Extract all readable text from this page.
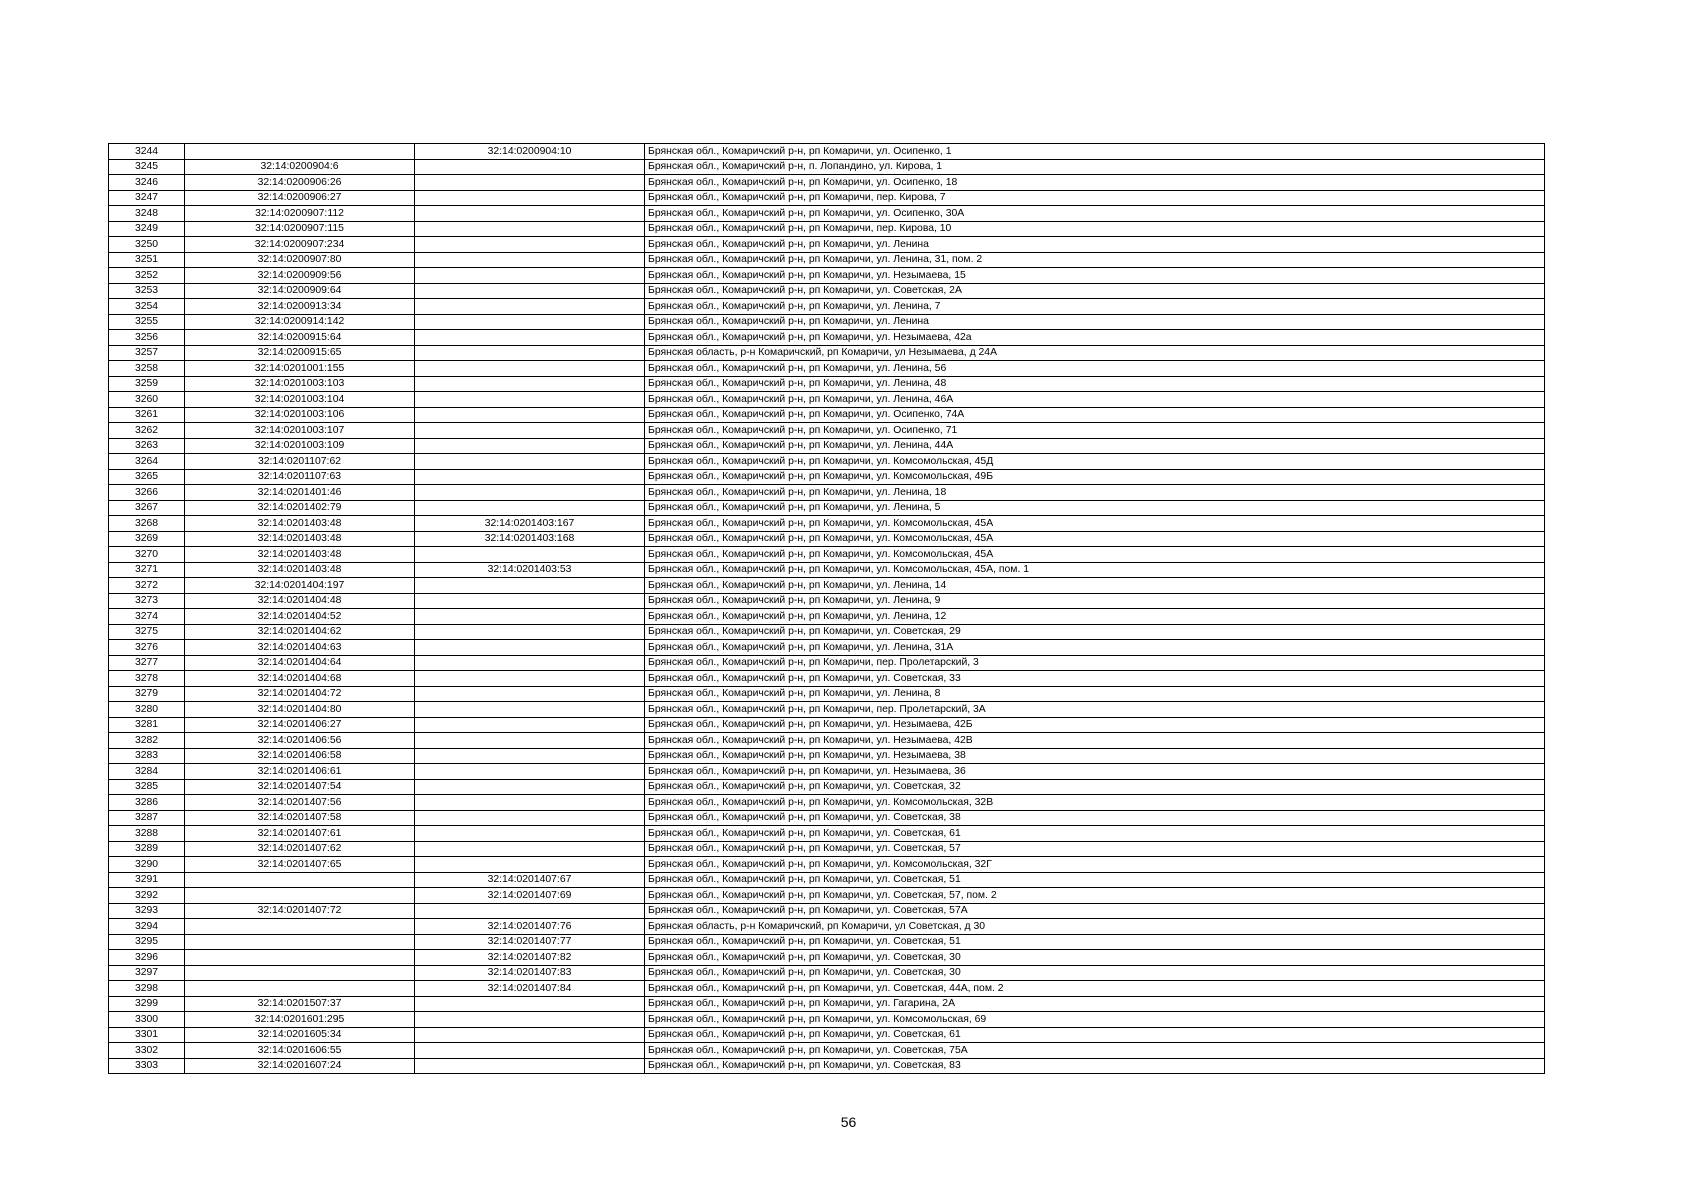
3244		32:14:0200904:10	Брянская обл., Комаричский р-н, рп Комаричи, ул. Осипенко, 1
3245	32:14:0200904:6		Брянская обл., Комаричский р-н, п. Лопандино, ул. Кирова, 1
3246	32:14:0200906:26		Брянская обл., Комаричский р-н, рп Комаричи, ул. Осипенко, 18
3247	32:14:0200906:27		Брянская обл., Комаричский р-н, рп Комаричи, пер. Кирова, 7
3248	32:14:0200907:112		Брянская обл., Комаричский р-н, рп Комаричи, ул. Осипенко, 30А
3249	32:14:0200907:115		Брянская обл., Комаричский р-н, рп Комаричи, пер. Кирова, 10
3250	32:14:0200907:234		Брянская обл., Комаричский р-н, рп Комаричи, ул. Ленина
3251	32:14:0200907:80		Брянская обл., Комаричский р-н, рп Комаричи, ул. Ленина, 31, пом. 2
3252	32:14:0200909:56		Брянская обл., Комаричский р-н, рп Комаричи, ул. Незымаева, 15
3253	32:14:0200909:64		Брянская обл., Комаричский р-н, рп Комаричи, ул. Советская, 2А
3254	32:14:0200913:34		Брянская обл., Комаричский р-н, рп Комаричи, ул. Ленина, 7
3255	32:14:0200914:142		Брянская обл., Комаричский р-н, рп Комаричи, ул. Ленина
3256	32:14:0200915:64		Брянская обл., Комаричский р-н, рп Комаричи, ул. Незымаева, 42а
3257	32:14:0200915:65		Брянская область, р-н Комаричский, рп Комаричи, ул Незымаева, д 24А
3258	32:14:0201001:155		Брянская обл., Комаричский р-н, рп Комаричи, ул. Ленина, 56
3259	32:14:0201003:103		Брянская обл., Комаричский р-н, рп Комаричи, ул. Ленина, 48
3260	32:14:0201003:104		Брянская обл., Комаричский р-н, рп Комаричи, ул. Ленина, 46А
3261	32:14:0201003:106		Брянская обл., Комаричский р-н, рп Комаричи, ул. Осипенко, 74А
3262	32:14:0201003:107		Брянская обл., Комаричский р-н, рп Комаричи, ул. Осипенко, 71
3263	32:14:0201003:109		Брянская обл., Комаричский р-н, рп Комаричи, ул. Ленина, 44А
3264	32:14:0201107:62		Брянская обл., Комаричский р-н, рп Комаричи, ул. Комсомольская, 45Д
3265	32:14:0201107:63		Брянская обл., Комаричский р-н, рп Комаричи, ул. Комсомольская, 49Б
3266	32:14:0201401:46		Брянская обл., Комаричский р-н, рп Комаричи, ул. Ленина, 18
3267	32:14:0201402:79		Брянская обл., Комаричский р-н, рп Комаричи, ул. Ленина, 5
3268	32:14:0201403:48	32:14:0201403:167	Брянская обл., Комаричский р-н, рп Комаричи, ул. Комсомольская, 45А
3269	32:14:0201403:48	32:14:0201403:168	Брянская обл., Комаричский р-н, рп Комаричи, ул. Комсомольская, 45А
3270	32:14:0201403:48		Брянская обл., Комаричский р-н, рп Комаричи, ул. Комсомольская, 45А
3271	32:14:0201403:48	32:14:0201403:53	Брянская обл., Комаричский р-н, рп Комаричи, ул. Комсомольская, 45А, пом. 1
3272	32:14:0201404:197		Брянская обл., Комаричский р-н, рп Комаричи, ул. Ленина, 14
3273	32:14:0201404:48		Брянская обл., Комаричский р-н, рп Комаричи, ул. Ленина, 9
3274	32:14:0201404:52		Брянская обл., Комаричский р-н, рп Комаричи, ул. Ленина, 12
3275	32:14:0201404:62		Брянская обл., Комаричский р-н, рп Комаричи, ул. Советская, 29
3276	32:14:0201404:63		Брянская обл., Комаричский р-н, рп Комаричи, ул. Ленина, 31А
3277	32:14:0201404:64		Брянская обл., Комаричский р-н, рп Комаричи, пер. Пролетарский, 3
3278	32:14:0201404:68		Брянская обл., Комаричский р-н, рп Комаричи, ул. Советская, 33
3279	32:14:0201404:72		Брянская обл., Комаричский р-н, рп Комаричи, ул. Ленина, 8
3280	32:14:0201404:80		Брянская обл., Комаричский р-н, рп Комаричи, пер. Пролетарский, 3А
3281	32:14:0201406:27		Брянская обл., Комаричский р-н, рп Комаричи, ул. Незымаева, 42Б
3282	32:14:0201406:56		Брянская обл., Комаричский р-н, рп Комаричи, ул. Незымаева, 42В
3283	32:14:0201406:58		Брянская обл., Комаричский р-н, рп Комаричи, ул. Незымаева, 38
3284	32:14:0201406:61		Брянская обл., Комаричский р-н, рп Комаричи, ул. Незымаева, 36
3285	32:14:0201407:54		Брянская обл., Комаричский р-н, рп Комаричи, ул. Советская, 32
3286	32:14:0201407:56		Брянская обл., Комаричский р-н, рп Комаричи, ул. Комсомольская, 32В
3287	32:14:0201407:58		Брянская обл., Комаричский р-н, рп Комаричи, ул. Советская, 38
3288	32:14:0201407:61		Брянская обл., Комаричский р-н, рп Комаричи, ул. Советская, 61
3289	32:14:0201407:62		Брянская обл., Комаричский р-н, рп Комаричи, ул. Советская, 57
3290	32:14:0201407:65		Брянская обл., Комаричский р-н, рп Комаричи, ул. Комсомольская, 32Г
3291		32:14:0201407:67	Брянская обл., Комаричский р-н, рп Комаричи, ул. Советская, 51
3292		32:14:0201407:69	Брянская обл., Комаричский р-н, рп Комаричи, ул. Советская, 57, пом. 2
3293	32:14:0201407:72		Брянская обл., Комаричский р-н, рп Комаричи, ул. Советская, 57А
3294		32:14:0201407:76	Брянская область, р-н Комаричский, рп Комаричи, ул Советская, д 30
3295		32:14:0201407:77	Брянская обл., Комаричский р-н, рп Комаричи, ул. Советская, 51
3296		32:14:0201407:82	Брянская обл., Комаричский р-н, рп Комаричи, ул. Советская, 30
3297		32:14:0201407:83	Брянская обл., Комаричский р-н, рп Комаричи, ул. Советская, 30
3298		32:14:0201407:84	Брянская обл., Комаричский р-н, рп Комаричи, ул. Советская, 44А, пом. 2
3299	32:14:0201507:37		Брянская обл., Комаричский р-н, рп Комаричи, ул. Гагарина, 2А
3300	32:14:0201601:295		Брянская обл., Комаричский р-н, рп Комаричи, ул. Комсомольская, 69
3301	32:14:0201605:34		Брянская обл., Комаричский р-н, рп Комаричи, ул. Советская, 61
3302	32:14:0201606:55		Брянская обл., Комаричский р-н, рп Комаричи, ул. Советская, 75А
3303	32:14:0201607:24		Брянская обл., Комаричский р-н, рп Комаричи, ул. Советская, 83
56
